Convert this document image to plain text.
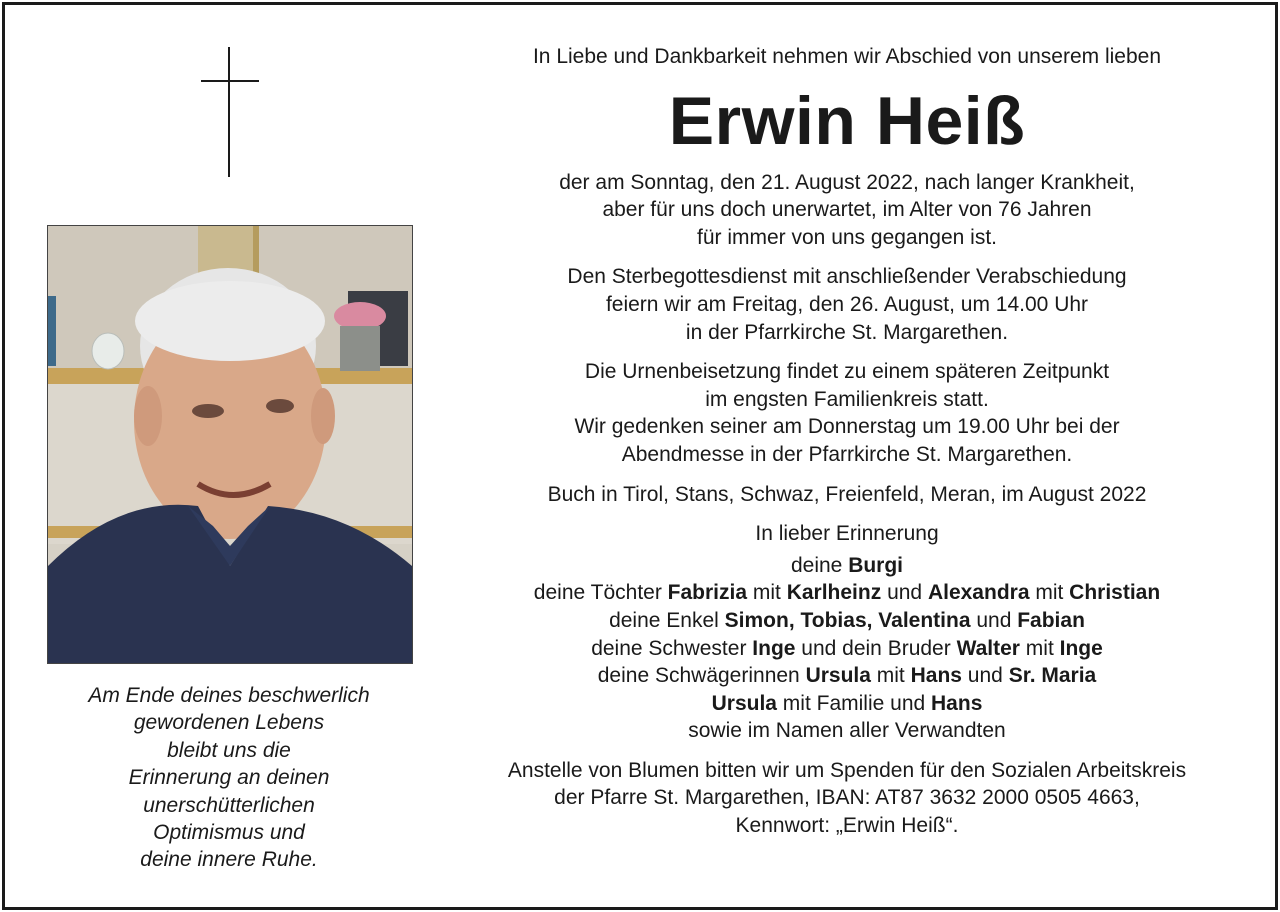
Am Ende deines beschwerlich
gewordenen Lebens
bleibt uns die
Erinnerung an deinen
unerschütterlichen
Optimismus und
deine innere Ruhe.
In Liebe und Dankbarkeit nehmen wir Abschied von unserem lieben
Erwin Heiß
der am Sonntag, den 21. August 2022, nach langer Krankheit,
aber für uns doch unerwartet, im Alter von 76 Jahren
für immer von uns gegangen ist.
Den Sterbegottesdienst mit anschließender Verabschiedung
feiern wir am Freitag, den 26. August, um 14.00 Uhr
in der Pfarrkirche St. Margarethen.
Die Urnenbeisetzung findet zu einem späteren Zeitpunkt
im engsten Familienkreis statt.
Wir gedenken seiner am Donnerstag um 19.00 Uhr bei der
Abendmesse in der Pfarrkirche St. Margarethen.
Buch in Tirol, Stans, Schwaz, Freienfeld, Meran, im August 2022
In lieber Erinnerung
deine Burgi
deine Töchter Fabrizia mit Karlheinz und Alexandra mit Christian
deine Enkel Simon, Tobias, Valentina und Fabian
deine Schwester Inge und dein Bruder Walter mit Inge
deine Schwägerinnen Ursula mit Hans und Sr. Maria
Ursula mit Familie und Hans
sowie im Namen aller Verwandten
Anstelle von Blumen bitten wir um Spenden für den Sozialen Arbeitskreis
der Pfarre St. Margarethen, IBAN: AT87 3632 2000 0505 4663,
Kennwort: „Erwin Heiß“.
